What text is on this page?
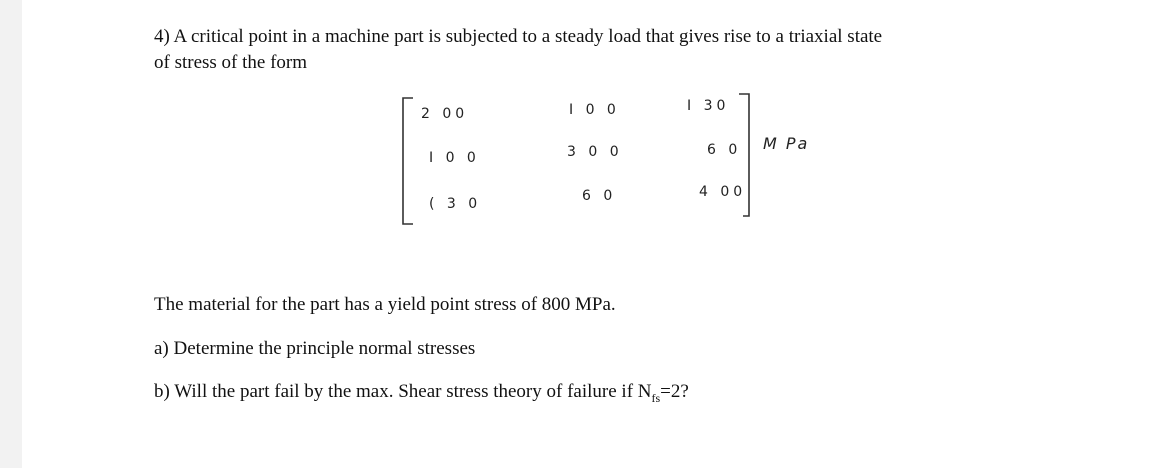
4) A critical point in a machine part is subjected to a steady load that gives rise to a triaxial state
of stress of the form
2 00	I 0 0	I 30
I 0 0	3 0 0	6 0
( 3 0	6 0	4 00
M Pa
The material for the part has a yield point stress of 800 MPa.
a) Determine the principle normal stresses
b) Will the part fail by the max. Shear stress theory of failure if $N_{fs}=2$?
